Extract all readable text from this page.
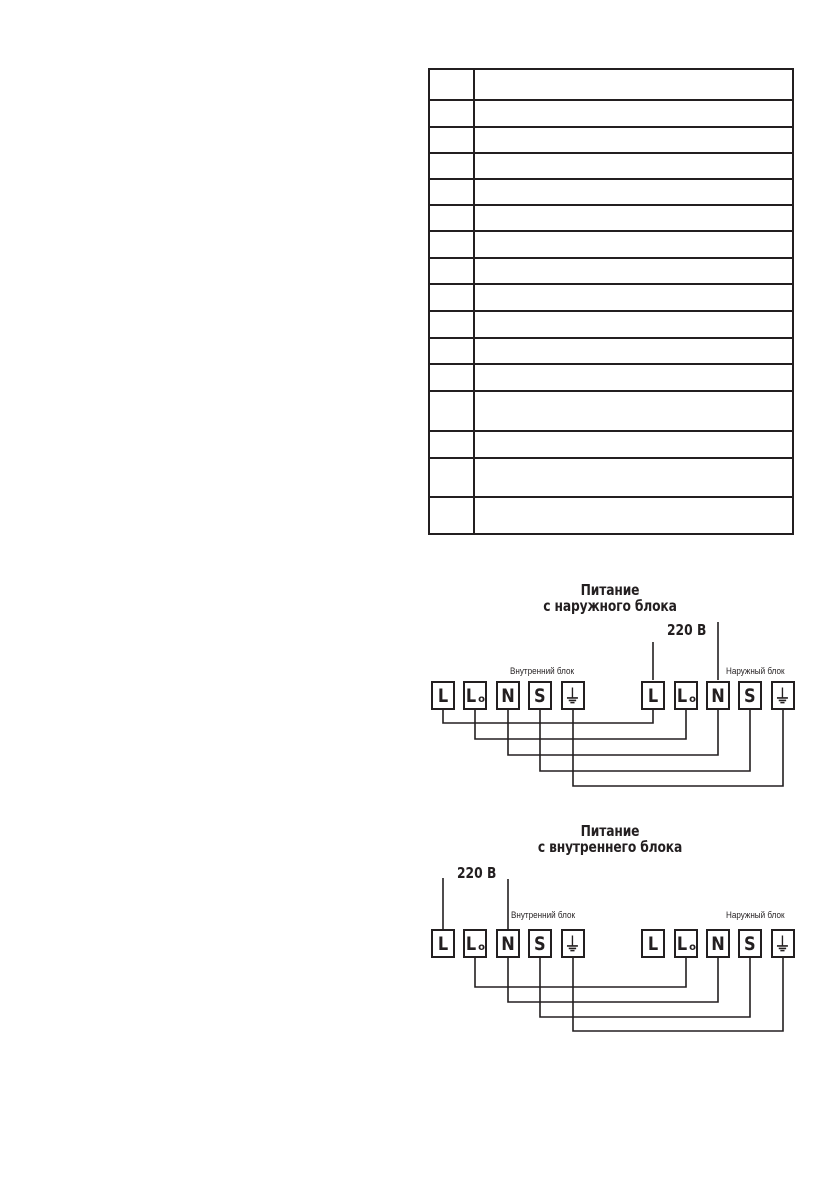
Питание
с наружного блока
220 В
Внутренний блок	Наружный блок
L L o N S ⏚	L L o N S ⏚
Питание
с внутреннего блока
220 В
Внутренний блок	Наружный блок
L L o N S ⏚	L L o N S ⏚
